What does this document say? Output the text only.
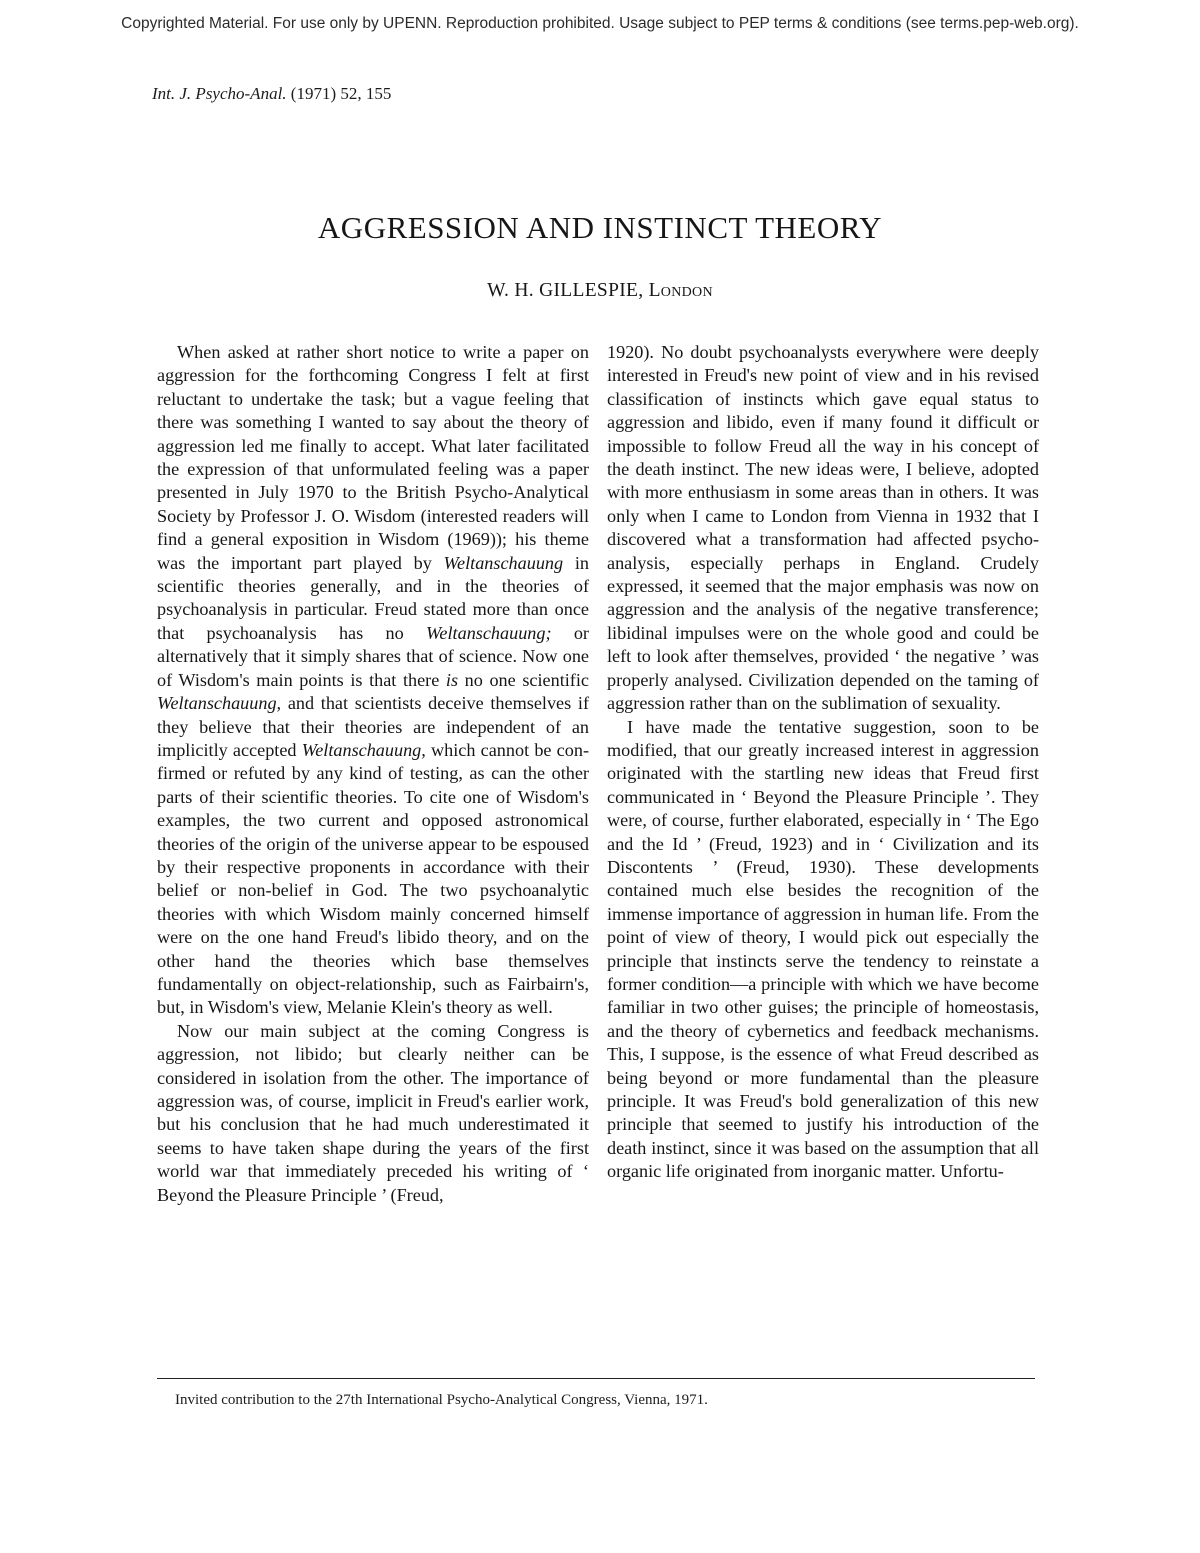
Copyrighted Material. For use only by UPENN. Reproduction prohibited. Usage subject to PEP terms & conditions (see terms.pep-web.org).
Int. J. Psycho-Anal. (1971) 52, 155
AGGRESSION AND INSTINCT THEORY
W. H. GILLESPIE, London

When asked at rather short notice to write a paper on aggression for the forthcoming Congress I felt at first reluctant to undertake the task; but a vague feeling that there was something I wanted to say about the theory of aggression led me finally to accept. What later facilitated the expression of that unformulated feeling was a paper presented in July 1970 to the British Psycho-Analytical Society by Professor J. O. Wisdom (interested readers will find a general exposition in Wisdom (1969)); his theme was the important part played by Weltanschauung in scientific theories generally, and in the theories of psychoanalysis in particular. Freud stated more than once that psychoanalysis has no Weltanschauung; or alternatively that it simply shares that of science. Now one of Wisdom's main points is that there is no one scientific Weltanschauung, and that scientists deceive themselves if they believe that their theories are independent of an implicitly accepted Weltanschauung, which cannot be confirmed or refuted by any kind of testing, as can the other parts of their scientific theories. To cite one of Wisdom's examples, the two current and opposed astronomical theories of the origin of the universe appear to be espoused by their respective proponents in accordance with their belief or non-belief in God. The two psychoanalytic theories with which Wisdom mainly concerned himself were on the one hand Freud's libido theory, and on the other hand the theories which base themselves fundamentally on object-relationship, such as Fairbairn's, but, in Wisdom's view, Melanie Klein's theory as well.

Now our main subject at the coming Congress is aggression, not libido; but clearly neither can be considered in isolation from the other. The importance of aggression was, of course, implicit in Freud's earlier work, but his conclusion that he had much underestimated it seems to have taken shape during the years of the first world war that immediately preceded his writing of ‘ Beyond the Pleasure Principle ’ (Freud,

1920). No doubt psychoanalysts everywhere were deeply interested in Freud's new point of view and in his revised classification of instincts which gave equal status to aggression and libido, even if many found it difficult or impossible to follow Freud all the way in his concept of the death instinct. The new ideas were, I believe, adopted with more enthusiasm in some areas than in others. It was only when I came to London from Vienna in 1932 that I discovered what a transformation had affected psychoanalysis, especially perhaps in England. Crudely expressed, it seemed that the major emphasis was now on aggression and the analysis of the negative transference; libidinal impulses were on the whole good and could be left to look after themselves, provided ‘ the negative ’ was properly analysed. Civilization depended on the taming of aggression rather than on the sublimation of sexuality.

I have made the tentative suggestion, soon to be modified, that our greatly increased interest in aggression originated with the startling new ideas that Freud first communicated in ‘ Beyond the Pleasure Principle ’. They were, of course, further elaborated, especially in ‘ The Ego and the Id ’ (Freud, 1923) and in ‘ Civilization and its Discontents ’ (Freud, 1930). These developments contained much else besides the recognition of the immense importance of aggression in human life. From the point of view of theory, I would pick out especially the principle that instincts serve the tendency to reinstate a former condition—a principle with which we have become familiar in two other guises; the principle of homeostasis, and the theory of cybernetics and feedback mechanisms. This, I suppose, is the essence of what Freud described as being beyond or more fundamental than the pleasure principle. It was Freud's bold generalization of this new principle that seemed to justify his introduction of the death instinct, since it was based on the assumption that all organic life originated from inorganic matter. Unfortu-

Invited contribution to the 27th International Psycho-Analytical Congress, Vienna, 1971.
